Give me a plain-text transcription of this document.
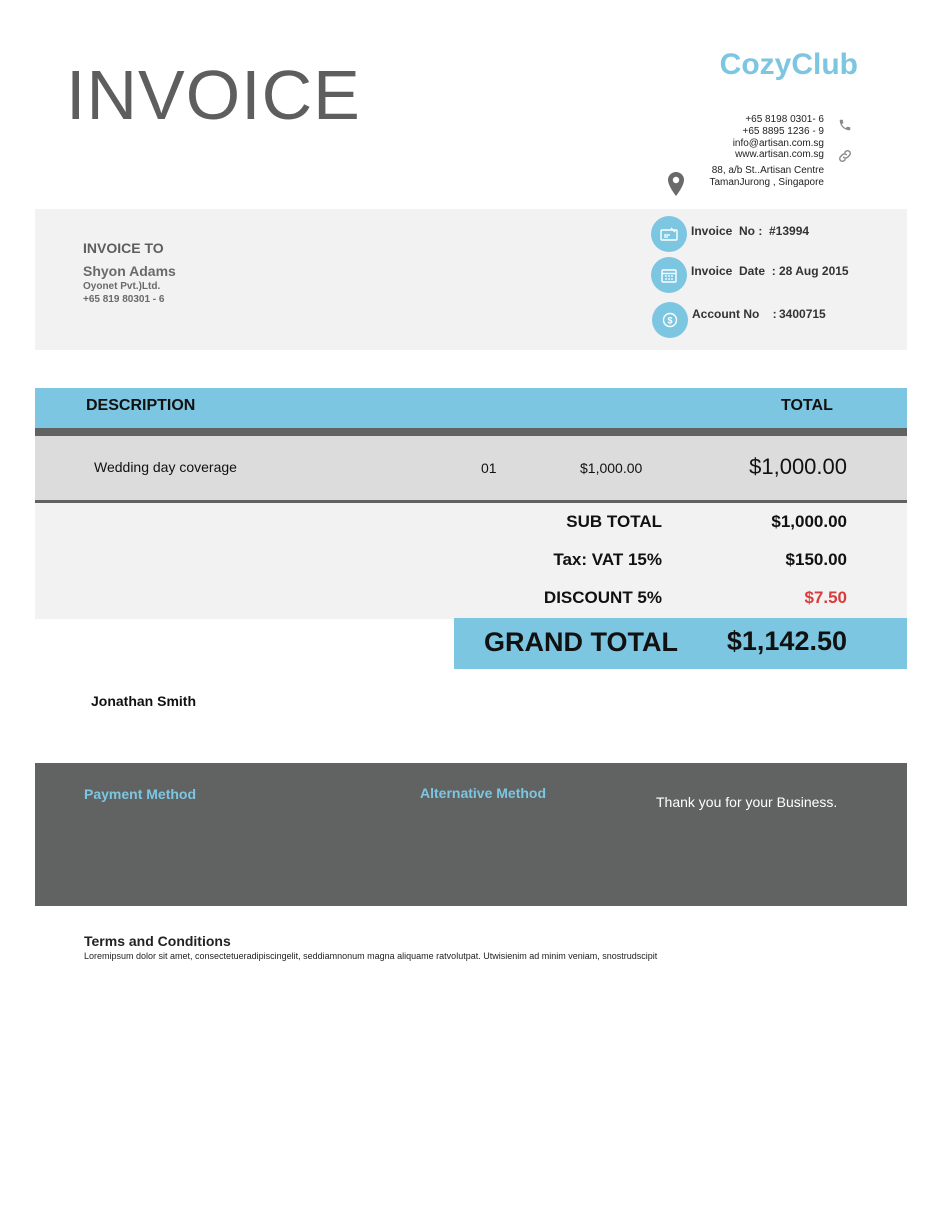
INVOICE	CozyClub
+65 8198 0301- 6
+65 8895 1236 - 9
info@artisan.com.sg
www.artisan.com.sg
88, a/b St..Artisan Centre
TamanJurong , Singapore
INVOICE TO
Shyon Adams
Oyonet Pvt.)Ltd.
+65 819 80301 - 6
Invoice  No : #13994
Invoice  Date  : 28 Aug 2015
$ Account No    : 3400715
DESCRIPTION	TOTAL
Wedding day coverage	01	$1,000.00	$1,000.00
SUB TOTAL	$1,000.00
Tax: VAT 15%	$150.00
DISCOUNT 5%	$7.50
GRAND TOTAL	$1,142.50
Jonathan Smith
Payment Method	Alternative Method
Thank you for your Business.
Terms and Conditions
Loremipsum dolor sit amet, consectetueradipiscingelit, seddiamnonum magna aliquame ratvolutpat. Utwisienim ad minim veniam, snostrudscipit
